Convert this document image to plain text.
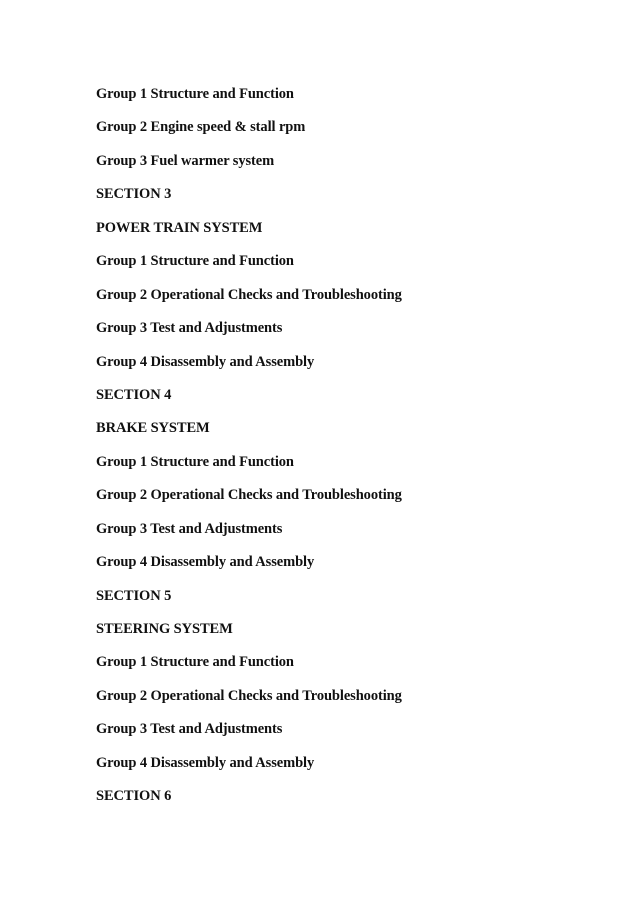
Group 1 Structure and Function
Group 2 Engine speed & stall rpm
Group 3 Fuel warmer system
SECTION 3
POWER TRAIN SYSTEM
Group 1 Structure and Function
Group 2 Operational Checks and Troubleshooting
Group 3 Test and Adjustments
Group 4 Disassembly and Assembly
SECTION 4
BRAKE SYSTEM
Group 1 Structure and Function
Group 2 Operational Checks and Troubleshooting
Group 3 Test and Adjustments
Group 4 Disassembly and Assembly
SECTION 5
STEERING SYSTEM
Group 1 Structure and Function
Group 2 Operational Checks and Troubleshooting
Group 3 Test and Adjustments
Group 4 Disassembly and Assembly
SECTION 6
